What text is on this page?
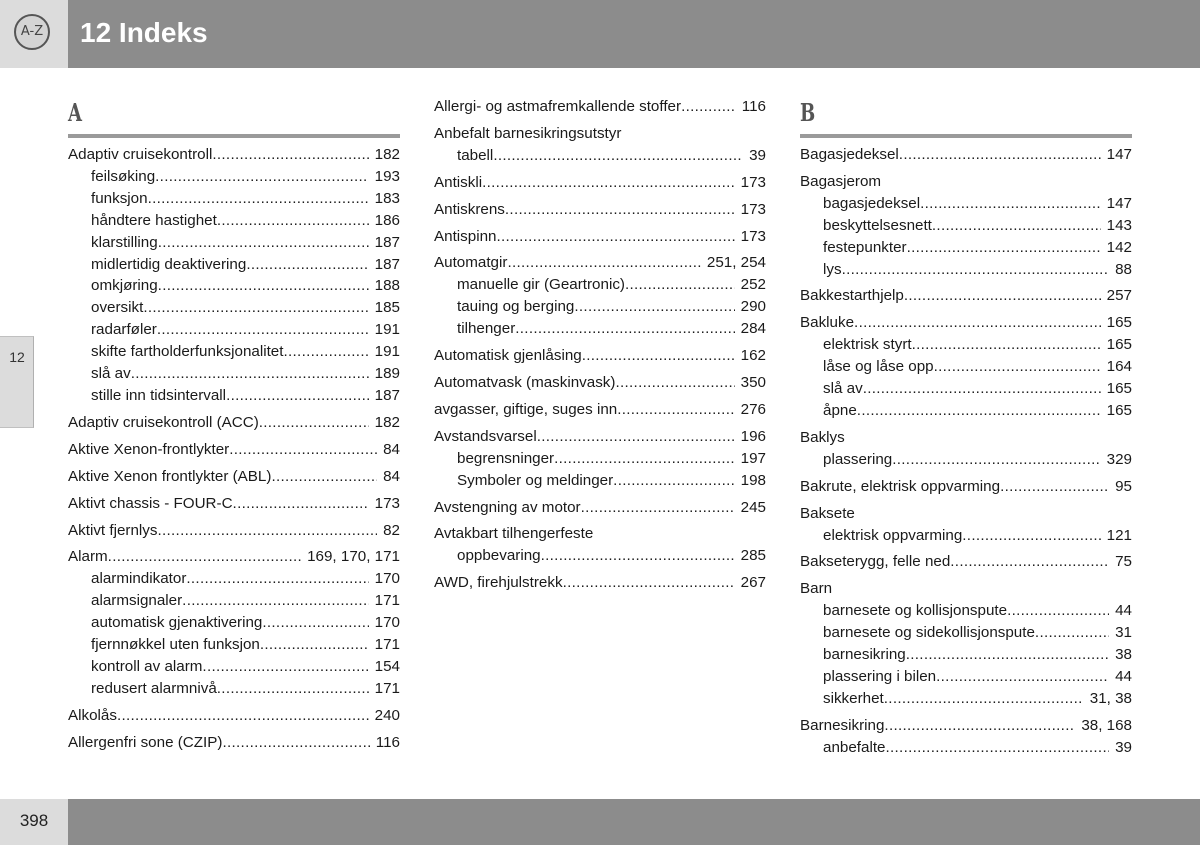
A-Z 12 Indeks
12
A
Adaptiv cruisekontroll .....	182
feilsøking .....	193
funksjon .....	183
håndtere hastighet .....	186
klarstilling .....	187
midlertidig deaktivering .....	187
omkjøring .....	188
oversikt .....	185
radarføler .....	191
skifte fartholderfunksjonalitet .....	191
slå av .....	189
stille inn tidsintervall .....	187
Adaptiv cruisekontroll (ACC) .....	182
Aktive Xenon-frontlykter .....	84
Aktive Xenon frontlykter (ABL) .....	84
Aktivt chassis - FOUR-C .....	173
Aktivt fjernlys .....	82
Alarm .....	169, 170, 171
alarmindikator .....	170
alarmsignaler .....	171
automatisk gjenaktivering .....	170
fjernnøkkel uten funksjon .....	171
kontroll av alarm .....	154
redusert alarmnivå .....	171
Alkolås .....	240
Allergenfri sone (CZIP) .....	116
Allergi- og astmafremkallende stoffer .....	116
Anbefalt barnesikringsutstyr
tabell .....	39
Antiskli .....	173
Antiskrens .....	173
Antispinn .....	173
Automatgir .....	251, 254
manuelle gir (Geartronic) .....	252
tauing og berging .....	290
tilhenger .....	284
Automatisk gjenlåsing .....	162
Automatvask (maskinvask) .....	350
avgasser, giftige, suges inn .....	276
Avstandsvarsel .....	196
begrensninger .....	197
Symboler og meldinger .....	198
Avstengning av motor .....	245
Avtakbart tilhengerfeste
oppbevaring .....	285
AWD, firehjulstrekk .....	267
B
Bagasjedeksel .....	147
Bagasjerom
bagasjedeksel .....	147
beskyttelsesnett .....	143
festepunkter .....	142
lys .....	88
Bakkestarthjelp .....	257
Bakluke .....	165
elektrisk styrt .....	165
låse og låse opp .....	164
slå av .....	165
åpne .....	165
Baklys
plassering .....	329
Bakrute, elektrisk oppvarming .....	95
Baksete
elektrisk oppvarming .....	121
Bakseterygg, felle ned .....	75
Barn
barnesete og kollisjonspute .....	44
barnesete og sidekollisjonspute .....	31
barnesikring .....	38
plassering i bilen .....	44
sikkerhet .....	31, 38
Barnesikring .....	38, 168
anbefalte .....	39
398
